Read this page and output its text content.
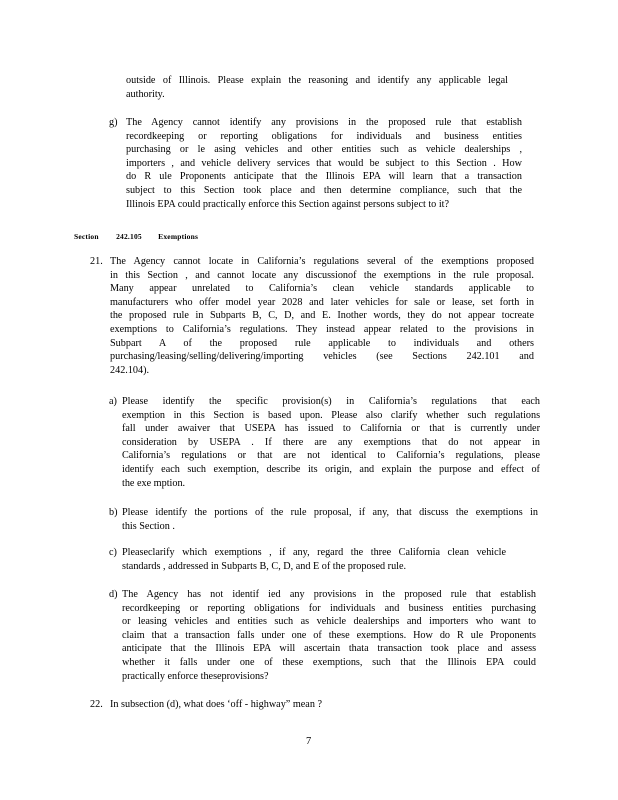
outside of Illinois. Please explain the reasoning and identify any applicable legal
authority.
g) The Agency cannot identify any provisions in the proposed rule that establish
recordkeeping or reporting obligations for individuals and business entities
purchasing or le asing vehicles and other entities such as vehicle dealerships ,
importers , and vehicle delivery services that would be subject to this Section . How
do R ule Proponents anticipate that the Illinois EPA will learn that a transaction
subject to this Section took place and then determine compliance, such that the
Illinois EPA could practically enforce this Section against persons subject to it?
Section 242.105 Exemptions
21. The Agency cannot locate in California’s regulations several of the exemptions proposed
in this Section , and cannot locate any discussionof the exemptions in the rule proposal.
Many appear unrelated to California’s clean vehicle standards applicable to
manufacturers who offer model year 2028 and later vehicles for sale or lease, set forth in
the proposed rule in Subparts B, C, D, and E. Inother words, they do not appear tocreate
exemptions to California’s regulations. They instead appear related to the provisions in
Subpart A of the proposed rule applicable to individuals and others
purchasing/leasing/selling/delivering/importing vehicles (see Sections 242.101 and
242.104).
a) Please identify the specific provision(s) in California’s regulations that each
exemption in this Section is based upon. Please also clarify whether such regulations
fall under awaiver that USEPA has issued to California or that is currently under
consideration by USEPA . If there are any exemptions that do not appear in
California’s regulations or that are not identical to California’s regulations, please
identify each such exemption, describe its origin, and explain the purpose and effect of
the exe mption.
b) Please identify the portions of the rule proposal, if any, that discuss the exemptions in
this Section .
c) Pleaseclarify which exemptions , if any, regard the three California clean vehicle
standards , addressed in Subparts B, C, D, and E of the proposed rule.
d) The Agency has not identif ied any provisions in the proposed rule that establish
recordkeeping or reporting obligations for individuals and business entities purchasing
or leasing vehicles and entities such as vehicle dealerships and importers who want to
claim that a transaction falls under one of these exemptions. How do R ule Proponents
anticipate that the Illinois EPA will ascertain thata transaction took place and assess
whether it falls under one of these exemptions, such that the Illinois EPA could
practically enforce theseprovisions?
22. In subsection (d), what does ‘off - highway” mean ?
7
